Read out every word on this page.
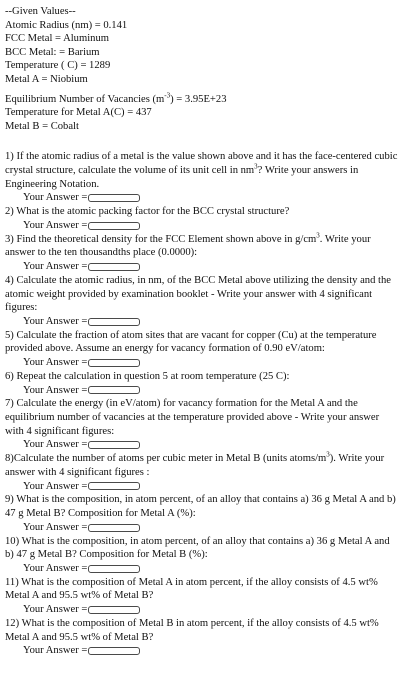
--Given Values--
Atomic Radius (nm) = 0.141
FCC Metal = Aluminum
BCC Metal: = Barium
Temperature ( C) = 1289
Metal A = Niobium
Equilibrium Number of Vacancies $(m^{-3}) = 3.95E+23$
Temperature for Metal A(C) = 437
Metal B = Cobalt
1) If the atomic radius of a metal is the value shown above and it has the face-centered cubic crystal structure, calculate the volume of its unit cell in $nm^3$? Write your answers in Engineering Notation.
Your Answer =
2) What is the atomic packing factor for the BCC crystal structure?
Your Answer =
3) Find the theoretical density for the FCC Element shown above in $g/cm^3$. Write your answer to the ten thousandths place (0.0000):
Your Answer =
4) Calculate the atomic radius, in nm, of the BCC Metal above utilizing the density and the atomic weight provided by examination booklet - Write your answer with 4 significant figures:
Your Answer =
5) Calculate the fraction of atom sites that are vacant for copper (Cu) at the temperature provided above. Assume an energy for vacancy formation of 0.90 eV/atom:
Your Answer =
6) Repeat the calculation in question 5 at room temperature (25 C):
Your Answer =
7) Calculate the energy (in eV/atom) for vacancy formation for the Metal A and the equilibrium number of vacancies at the temperature provided above - Write your answer with 4 significant figures:
Your Answer =
8)Calculate the number of atoms per cubic meter in Metal B (units atoms/$m^3$). Write your answer with 4 significant figures :
Your Answer =
9) What is the composition, in atom percent, of an alloy that contains a) 36 g Metal A and b) 47 g Metal B? Composition for Metal A (%):
Your Answer =
10) What is the composition, in atom percent, of an alloy that contains a) 36 g Metal A and b) 47 g Metal B? Composition for Metal B (%):
Your Answer =
11) What is the composition of Metal A in atom percent, if the alloy consists of 4.5 wt% Metal A and 95.5 wt% of Metal B?
Your Answer =
12) What is the composition of Metal B in atom percent, if the alloy consists of 4.5 wt% Metal A and 95.5 wt% of Metal B?
Your Answer =
